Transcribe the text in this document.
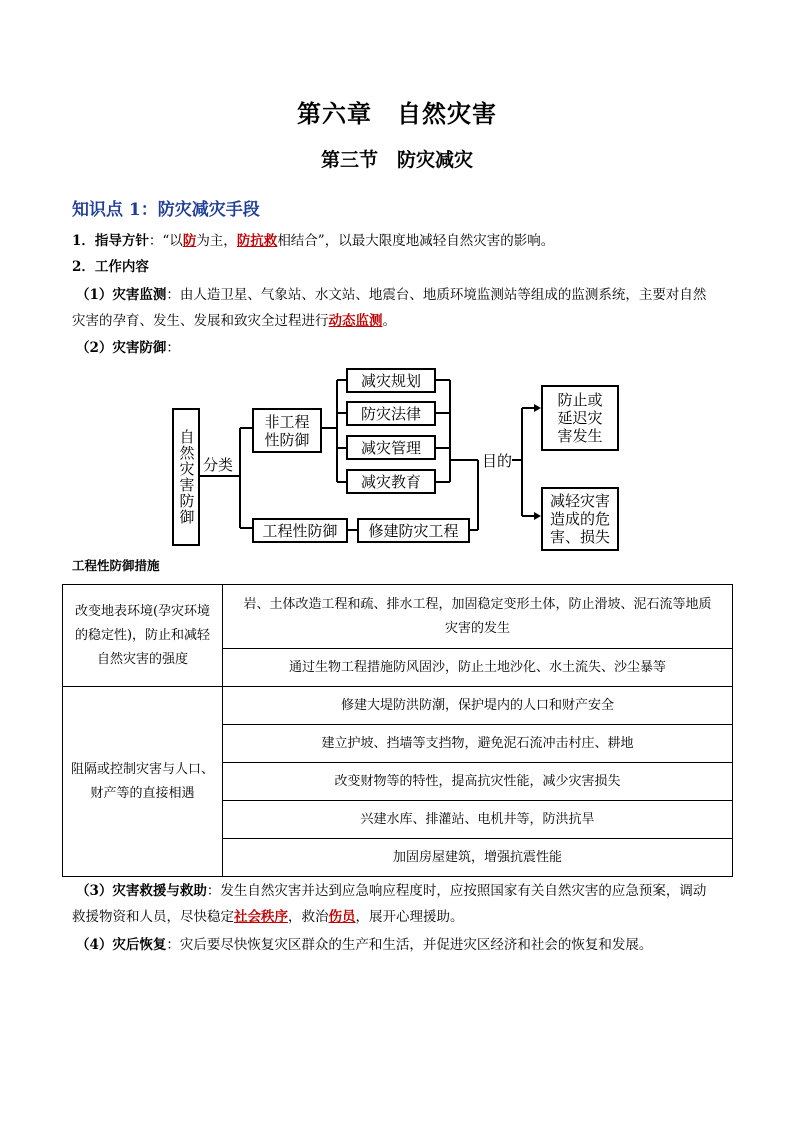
第六章　自然灾害
第三节　防灾减灾
知识点 1：防灾减灾手段
1．指导方针：“以防为主，防抗救相结合”，以最大限度地减轻自然灾害的影响。
2．工作内容
（1）灾害监测：由人造卫星、气象站、水文站、地震台、地质环境监测站等组成的监测系统，主要对自然
灾害的孕育、发生、发展和致灾全过程进行动态监测。
（2）灾害防御：
自然灾害防御 分类
非工程性防御
减灾规划
防灾法律
减灾管理
减灾教育
工程性防御	修建防灾工程
目的
防止或延迟灾害发生
减轻灾害造成的危害、损失
工程性防御措施
改变地表环境(孕灾环境的稳定性)，防止和减轻自然灾害的强度	岩、土体改造工程和疏、排水工程，加固稳定变形土体，防止滑坡、泥石流等地质灾害的发生
	通过生物工程措施防风固沙，防止土地沙化、水土流失、沙尘暴等
阻隔或控制灾害与人口、财产等的直接相遇	修建大堤防洪防潮，保护堤内的人口和财产安全
	建立护坡、挡墙等支挡物，避免泥石流冲击村庄、耕地
	改变财物等的特性，提高抗灾性能，减少灾害损失
	兴建水库、排灌站、电机井等，防洪抗旱
	加固房屋建筑，增强抗震性能
（3）灾害救援与救助：发生自然灾害并达到应急响应程度时，应按照国家有关自然灾害的应急预案，调动
救援物资和人员，尽快稳定社会秩序，救治伤员，展开心理援助。
（4）灾后恢复：灾后要尽快恢复灾区群众的生产和生活，并促进灾区经济和社会的恢复和发展。
